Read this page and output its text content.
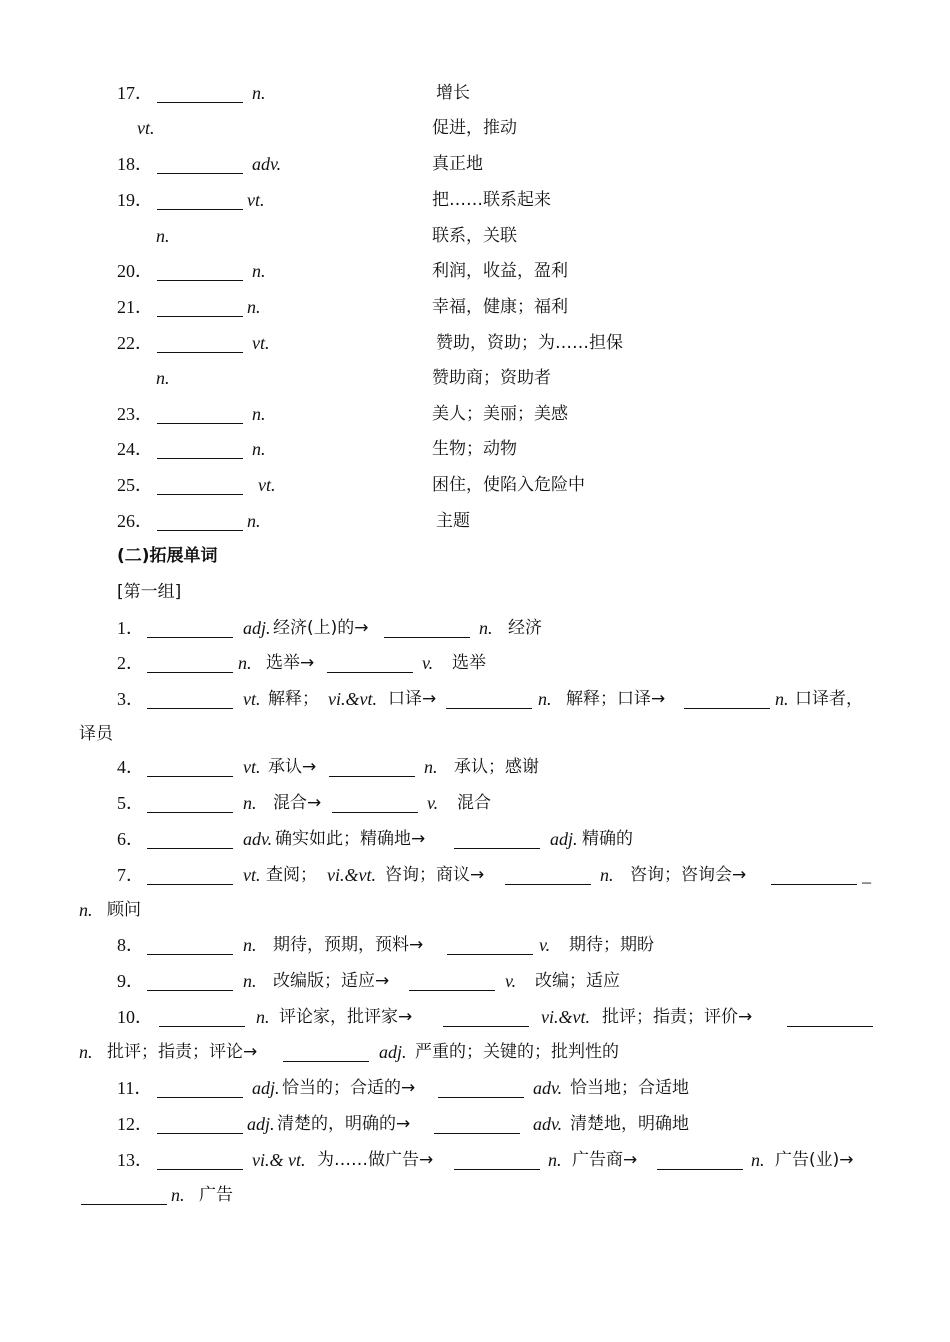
17．	n.	增长
vt.	促进，推动
18．	adv.	真正地
19．	vt.	把……联系起来
n.	联系，关联
20．	n.	利润，收益，盈利
21．	n.	幸福，健康；福利
22．	vt.	赞助，资助；为……担保
n.	赞助商；资助者
23．	n.	美人；美丽；美感
24．	n.	生物；动物
25．	vt.	困住，使陷入危险中
26．	n.	主题
(二)拓展单词
[第一组]
1．	adj. 经济(上)的→	n. 经济
2．	n. 选举→	v. 选举
3．	vt. 解释； vi.&vt. 口译→	n. 解释；口译→	n. 口译者，
译员
4．	vt. 承认→	n. 承认；感谢
5．	n. 混合→	v. 混合
6．	adv. 确实如此；精确地→	adj. 精确的
7．	vt. 查阅； vi.&vt. 咨询；商议→	n. 咨询；咨询会→	_
n. 顾问
8．	n. 期待，预期，预料→	v. 期待；期盼
9．	n. 改编版；适应→	v. 改编；适应
10．	n. 评论家，批评家→	vi.&vt. 批评；指责；评价→
n. 批评；指责；评论→	adj. 严重的；关键的；批判性的
11．	adj. 恰当的；合适的→	adv. 恰当地；合适地
12．	adj. 清楚的，明确的→	adv. 清楚地，明确地
13．	vi.& vt. 为……做广告→	n. 广告商→	n. 广告(业)→
n. 广告
